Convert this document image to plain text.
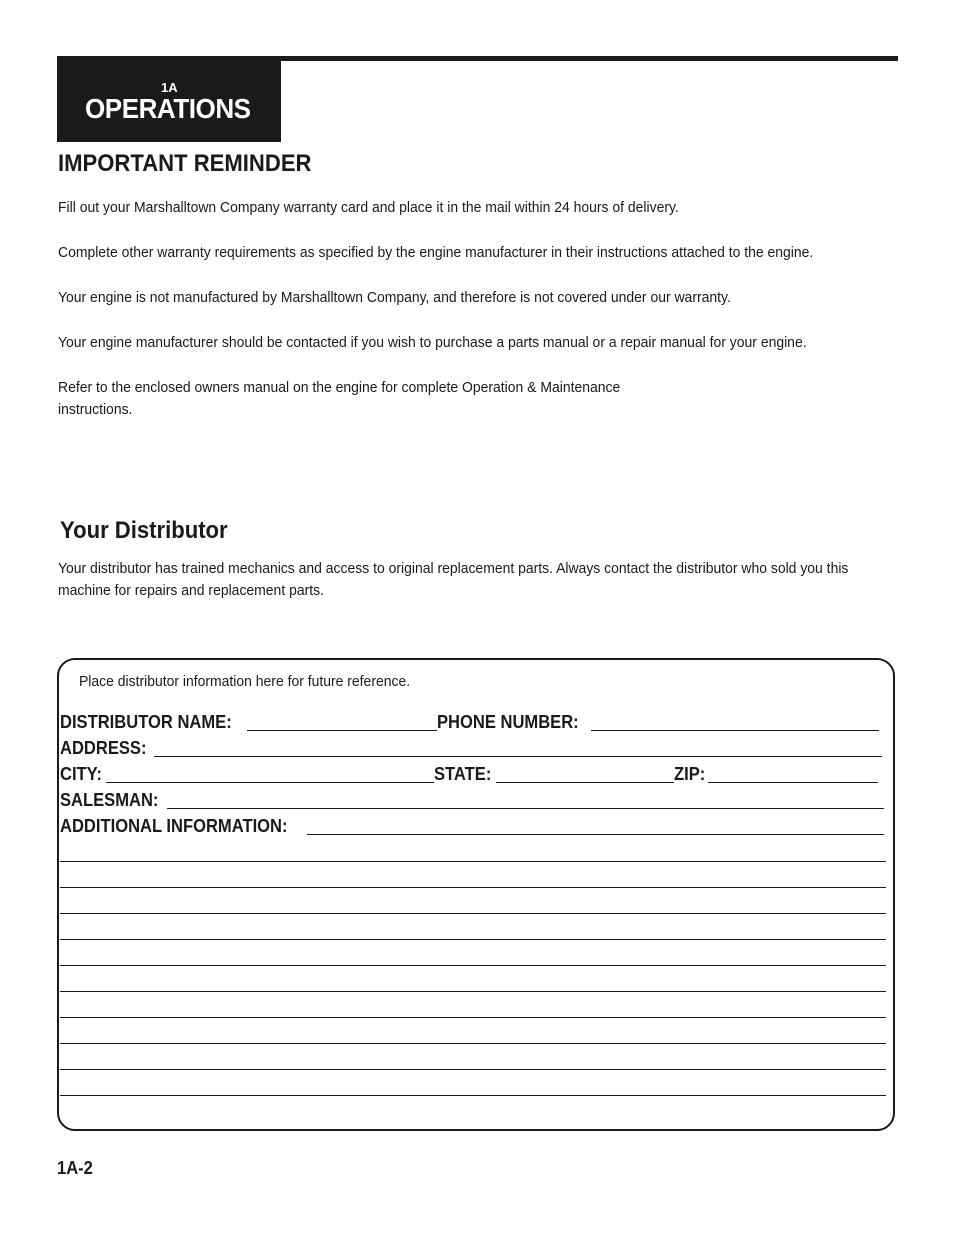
1A
OPERATIONS
IMPORTANT REMINDER

Fill out your Marshalltown Company warranty card and place it in the mail within 24 hours of delivery.

Complete other warranty requirements as specified by the engine manufacturer in their instructions attached to the engine.

Your engine is not manufactured by Marshalltown Company, and therefore is not covered under our warranty.

Your engine manufacturer should be contacted if you wish to purchase a parts manual or a repair manual for your engine.

Refer to the enclosed owners manual on the engine for complete Operation & Maintenance instructions.

Your Distributor

Your distributor has trained mechanics and access to original replacement parts. Always contact the distributor who sold you this machine for repairs and replacement parts.

Place distributor information here for future reference.
DISTRIBUTOR NAME:	PHONE NUMBER:
ADDRESS:
CITY:	STATE:	ZIP:
SALESMAN:
ADDITIONAL INFORMATION:
1A-2
